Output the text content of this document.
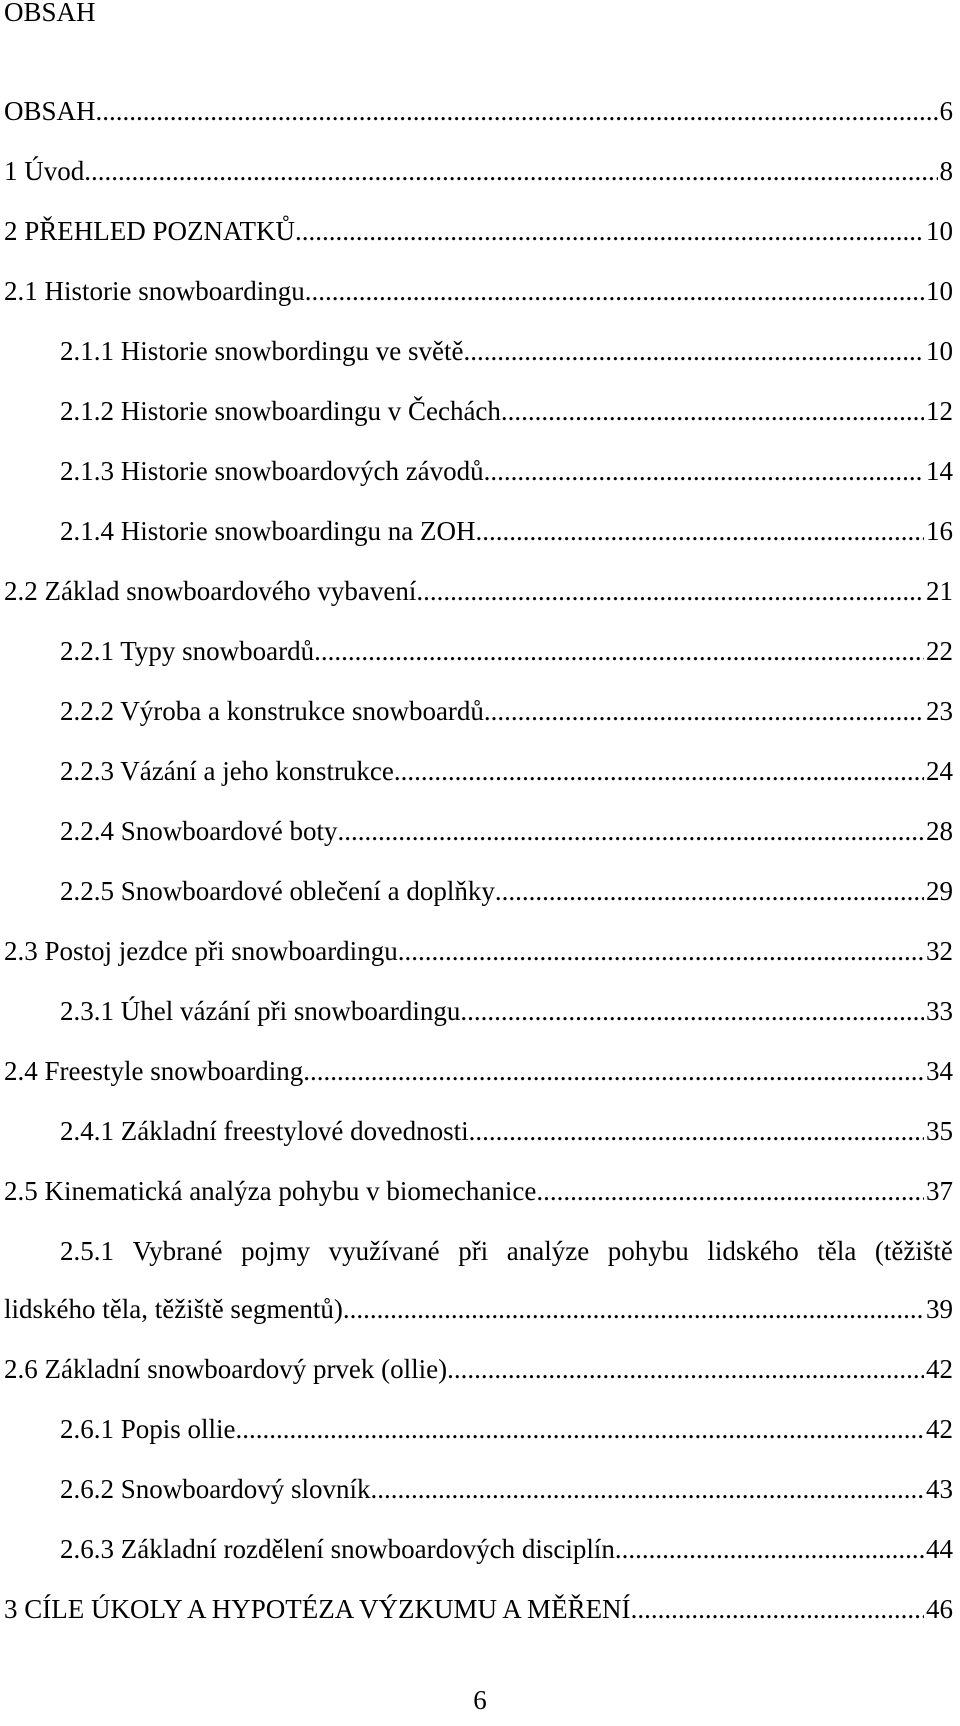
OBSAH
OBSAH .....	6
1 Úvod .....	8
2 PŘEHLED POZNATKŮ .....	10
2.1 Historie snowboardingu .....	10
2.1.1 Historie snowbordingu ve světě .....	10
2.1.2 Historie snowboardingu v Čechách .....	12
2.1.3 Historie snowboardových závodů .....	14
2.1.4 Historie snowboardingu na ZOH .....	16
2.2 Základ snowboardového vybavení .....	21
2.2.1 Typy snowboardů .....	22
2.2.2 Výroba a konstrukce snowboardů .....	23
2.2.3 Vázání a jeho konstrukce .....	24
2.2.4 Snowboardové boty .....	28
2.2.5 Snowboardové oblečení a doplňky .....	29
2.3 Postoj jezdce při snowboardingu .....	32
2.3.1 Úhel vázání při snowboardingu .....	33
2.4 Freestyle snowboarding .....	34
2.4.1 Základní freestylové dovednosti .....	35
2.5 Kinematická analýza pohybu v biomechanice .....	37
2.5.1 Vybrané pojmy využívané při analýze pohybu lidského těla (těžiště
lidského těla, těžiště segmentů) .....	39
2.6 Základní snowboardový prvek (ollie) .....	42
2.6.1 Popis ollie .....	42
2.6.2 Snowboardový slovník .....	43
2.6.3 Základní rozdělení snowboardových disciplín .....	44
3 CÍLE ÚKOLY A HYPOTÉZA VÝZKUMU A MĚŘENÍ .....	46
6
